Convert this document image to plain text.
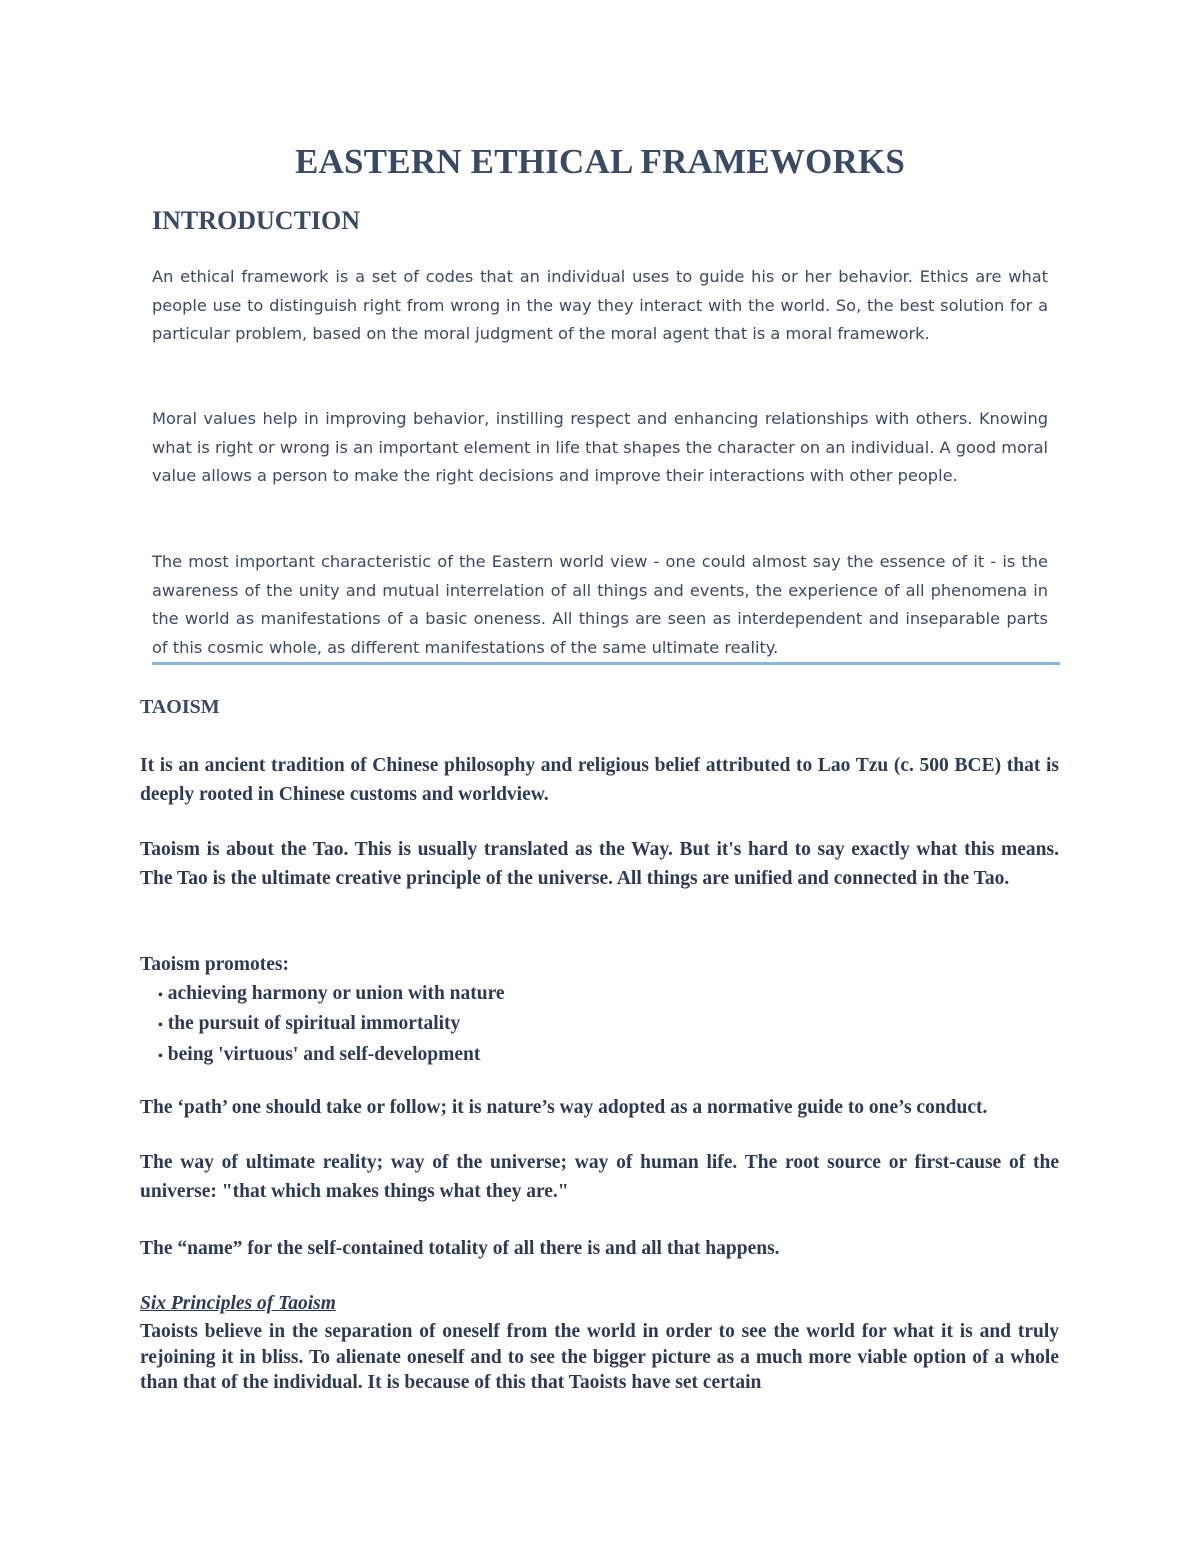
EASTERN ETHICAL FRAMEWORKS
INTRODUCTION
An ethical framework is a set of codes that an individual uses to guide his or her behavior. Ethics are what people use to distinguish right from wrong in the way they interact with the world. So, the best solution for a particular problem, based on the moral judgment of the moral agent that is a moral framework.
Moral values help in improving behavior, instilling respect and enhancing relationships with others. Knowing what is right or wrong is an important element in life that shapes the character on an individual. A good moral value allows a person to make the right decisions and improve their interactions with other people.
The most important characteristic of the Eastern world view - one could almost say the essence of it - is the awareness of the unity and mutual interrelation of all things and events, the experience of all phenomena in the world as manifestations of a basic oneness. All things are seen as interdependent and inseparable parts of this cosmic whole, as different manifestations of the same ultimate reality.
TAOISM
It is an ancient tradition of Chinese philosophy and religious belief attributed to Lao Tzu (c. 500 BCE) that is deeply rooted in Chinese customs and worldview.
Taoism is about the Tao. This is usually translated as the Way. But it's hard to say exactly what this means. The Tao is the ultimate creative principle of the universe. All things are unified and connected in the Tao.
Taoism promotes:
• achieving harmony or union with nature
• the pursuit of spiritual immortality
• being 'virtuous' and self-development
The ‘path’ one should take or follow; it is nature’s way adopted as a normative guide to one’s conduct.
The way of ultimate reality; way of the universe; way of human life. The root source or first-cause of the universe: "that which makes things what they are."
The “name” for the self-contained totality of all there is and all that happens.
Six Principles of Taoism
Taoists believe in the separation of oneself from the world in order to see the world for what it is and truly rejoining it in bliss. To alienate oneself and to see the bigger picture as a much more viable option of a whole than that of the individual. It is because of this that Taoists have set certain
